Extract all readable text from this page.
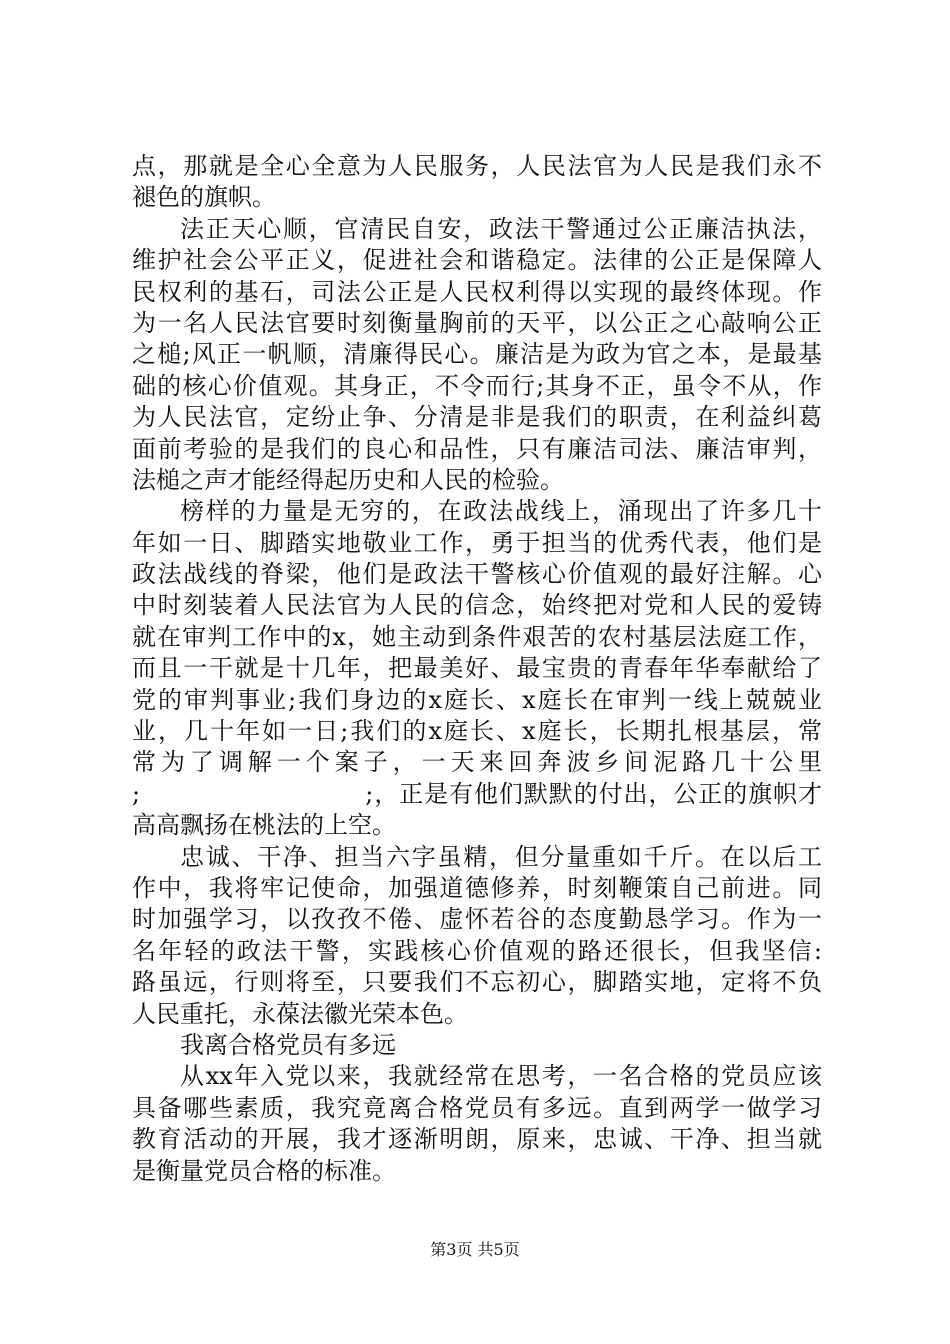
点，那就是全心全意为人民服务，人民法官为人民是我们永不
褪色的旗帜。
法正天心顺，官清民自安，政法干警通过公正廉洁执法，
维护社会公平正义，促进社会和谐稳定。法律的公正是保障人
民权利的基石，司法公正是人民权利得以实现的最终体现。作
为一名人民法官要时刻衡量胸前的天平，以公正之心敲响公正
之槌;风正一帆顺，清廉得民心。廉洁是为政为官之本，是最基
础的核心价值观。其身正，不令而行;其身不正，虽令不从，作
为人民法官，定纷止争、分清是非是我们的职责，在利益纠葛
面前考验的是我们的良心和品性，只有廉洁司法、廉洁审判，
法槌之声才能经得起历史和人民的检验。
榜样的力量是无穷的，在政法战线上，涌现出了许多几十
年如一日、脚踏实地敬业工作，勇于担当的优秀代表，他们是
政法战线的脊梁，他们是政法干警核心价值观的最好注解。心
中时刻装着人民法官为人民的信念，始终把对党和人民的爱铸
就在审判工作中的x，她主动到条件艰苦的农村基层法庭工作，
而且一干就是十几年，把最美好、最宝贵的青春年华奉献给了
党的审判事业;我们身边的x庭长、x庭长在审判一线上兢兢业
业，几十年如一日;我们的x庭长、x庭长，长期扎根基层，常
常为了调解一个案子，一天来回奔波乡间泥路几十公里
;　　　　　　　　　;，正是有他们默默的付出，公正的旗帜才
高高飘扬在桃法的上空。
忠诚、干净、担当六字虽精，但分量重如千斤。在以后工
作中，我将牢记使命，加强道德修养，时刻鞭策自己前进。同
时加强学习，以孜孜不倦、虚怀若谷的态度勤恳学习。作为一
名年轻的政法干警，实践核心价值观的路还很长，但我坚信:
路虽远，行则将至，只要我们不忘初心，脚踏实地，定将不负
人民重托，永葆法徽光荣本色。
我离合格党员有多远
从xx年入党以来，我就经常在思考，一名合格的党员应该
具备哪些素质，我究竟离合格党员有多远。直到两学一做学习
教育活动的开展，我才逐渐明朗，原来，忠诚、干净、担当就
是衡量党员合格的标准。
第3页 共5页
